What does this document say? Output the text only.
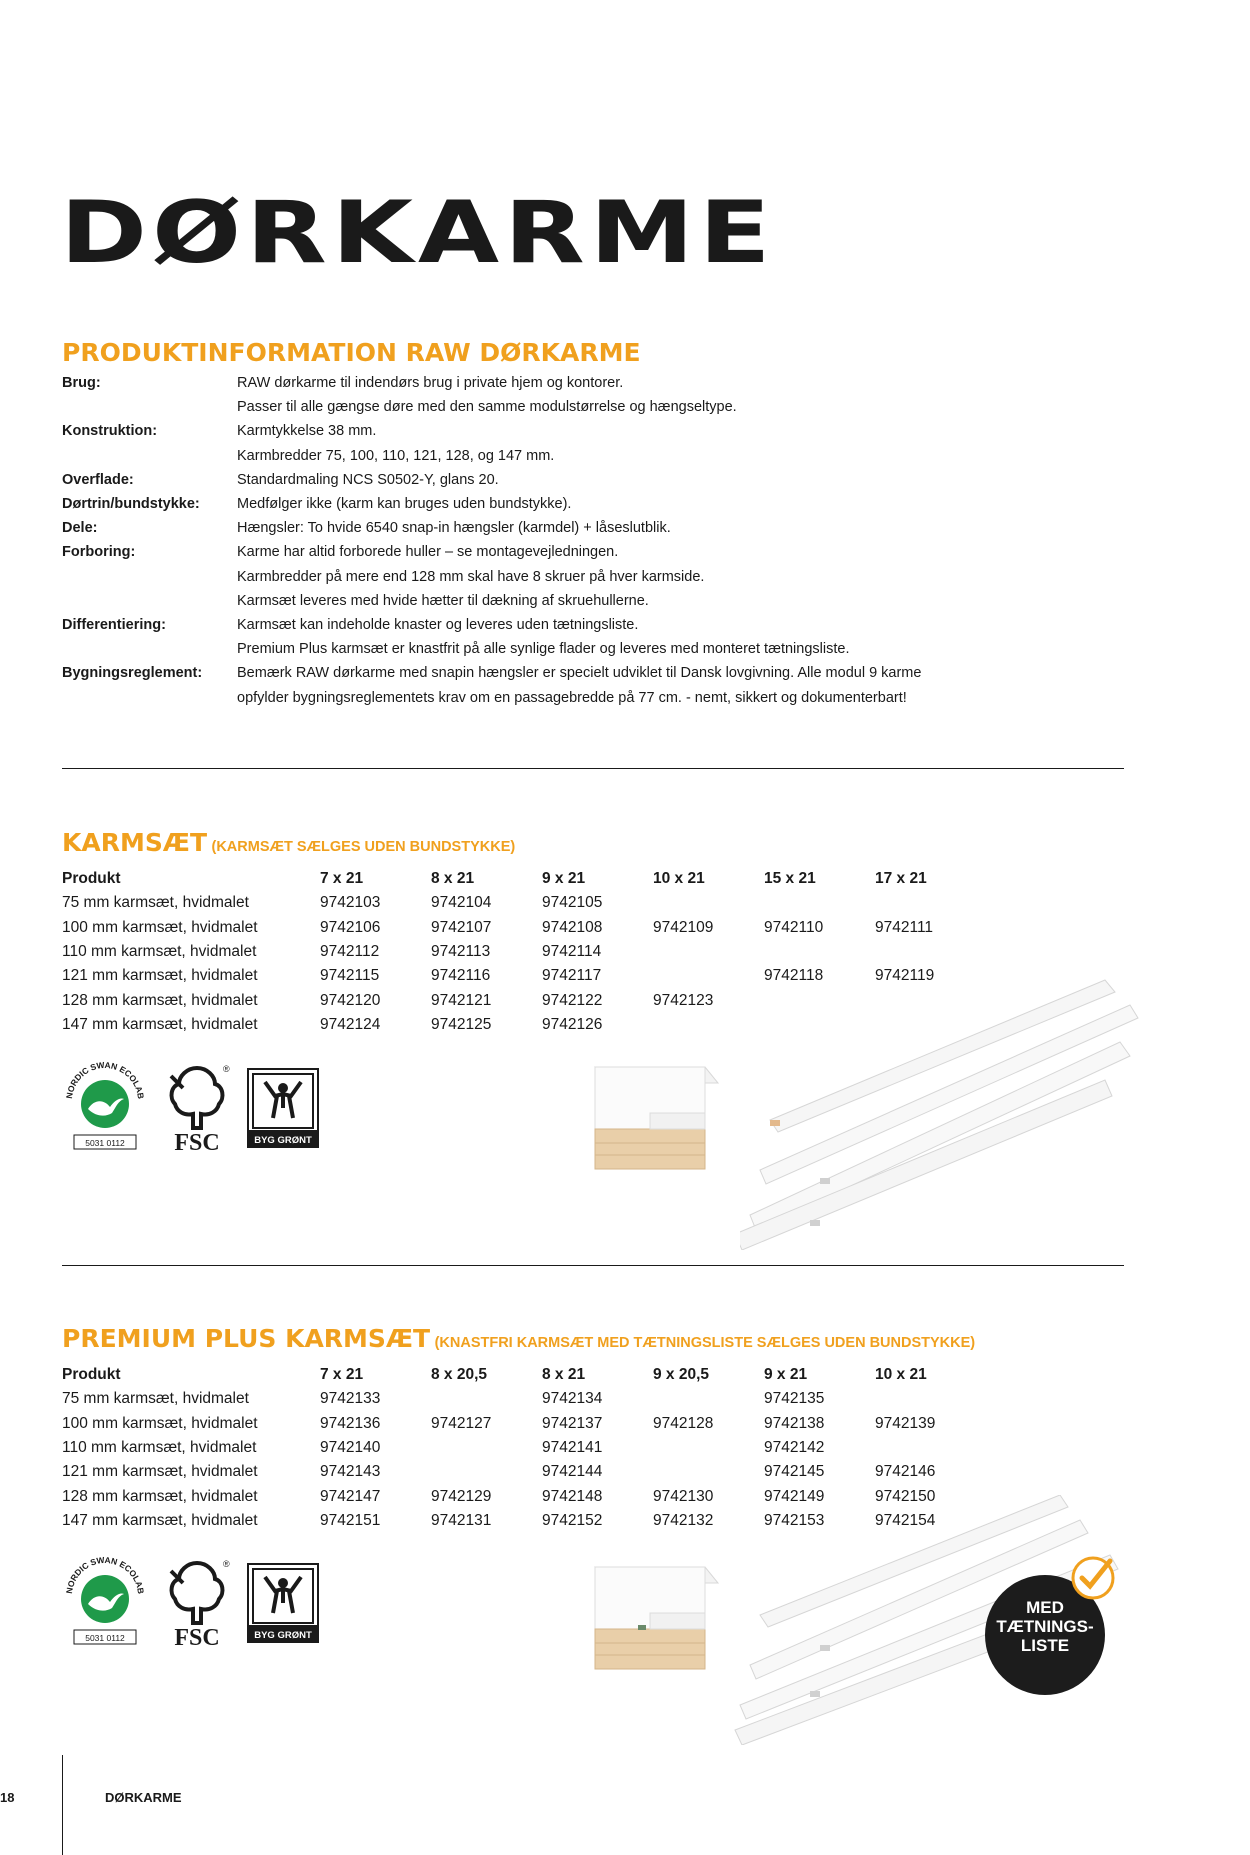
DØRKARME
PRODUKTINFORMATION RAW DØRKARME
Brug:	RAW dørkarme til indendørs brug i private hjem og kontorer.
Passer til alle gængse døre med den samme modulstørrelse og hængseltype.
Konstruktion:	Karmtykkelse 38 mm.
Karmbredder 75, 100, 110, 121, 128, og 147 mm.
Overflade:	Standardmaling NCS S0502-Y, glans 20.
Dørtrin/bundstykke:	Medfølger ikke (karm kan bruges uden bundstykke).
Dele:	Hængsler: To hvide 6540 snap-in hængsler (karmdel) + låseslutblik.
Forboring:	Karme har altid forborede huller – se montagevejledningen.
Karmbredder på mere end 128 mm skal have 8 skruer på hver karmside.
Karmsæt leveres med hvide hætter til dækning af skruehullerne.
Differentiering:	Karmsæt kan indeholde knaster og leveres uden tætningsliste.
Premium Plus karmsæt er knastfrit på alle synlige flader og leveres med monteret tætningsliste.
Bygningsreglement: Bemærk RAW dørkarme med snapin hængsler er specielt udviklet til Dansk lovgivning. Alle modul 9 karme
opfylder bygningsreglementets krav om en passagebredde på 77 cm. - nemt, sikkert og dokumenterbart!
KARMSÆT (KARMSÆT SÆLGES UDEN BUNDSTYKKE)
Produkt	7 x 21	8 x 21	9 x 21	10 x 21	15 x 21	17 x 21
75 mm karmsæt, hvidmalet	9742103	9742104	9742105			
100 mm karmsæt, hvidmalet	9742106	9742107	9742108	9742109	9742110	9742111
110 mm karmsæt, hvidmalet	9742112	9742113	9742114			
121 mm karmsæt, hvidmalet	9742115	9742116	9742117		9742118	9742119
128 mm karmsæt, hvidmalet	9742120	9742121	9742122	9742123		
147 mm karmsæt, hvidmalet	9742124	9742125	9742126			
NORDIC SWAN ECOLAB
5031 0112
®
FSC	BYG GRØNT
PREMIUM PLUS KARMSÆT (KNASTFRI KARMSÆT MED TÆTNINGSLISTE SÆLGES UDEN BUNDSTYKKE)
Produkt	7 x 21	8 x 20,5	8 x 21	9 x 20,5	9 x 21	10 x 21
75 mm karmsæt, hvidmalet	9742133		9742134		9742135	
100 mm karmsæt, hvidmalet	9742136	9742127	9742137	9742128	9742138	9742139
110 mm karmsæt, hvidmalet	9742140		9742141		9742142	
121 mm karmsæt, hvidmalet	9742143		9742144		9742145	9742146
128 mm karmsæt, hvidmalet	9742147	9742129	9742148	9742130	9742149	9742150
147 mm karmsæt, hvidmalet	9742151	9742131	9742152	9742132	9742153	9742154
NORDIC SWAN ECOLAB
5031 0112
®
FSC	BYG GRØNT
MED
TÆTNINGS-
LISTE
18	DØRKARME
